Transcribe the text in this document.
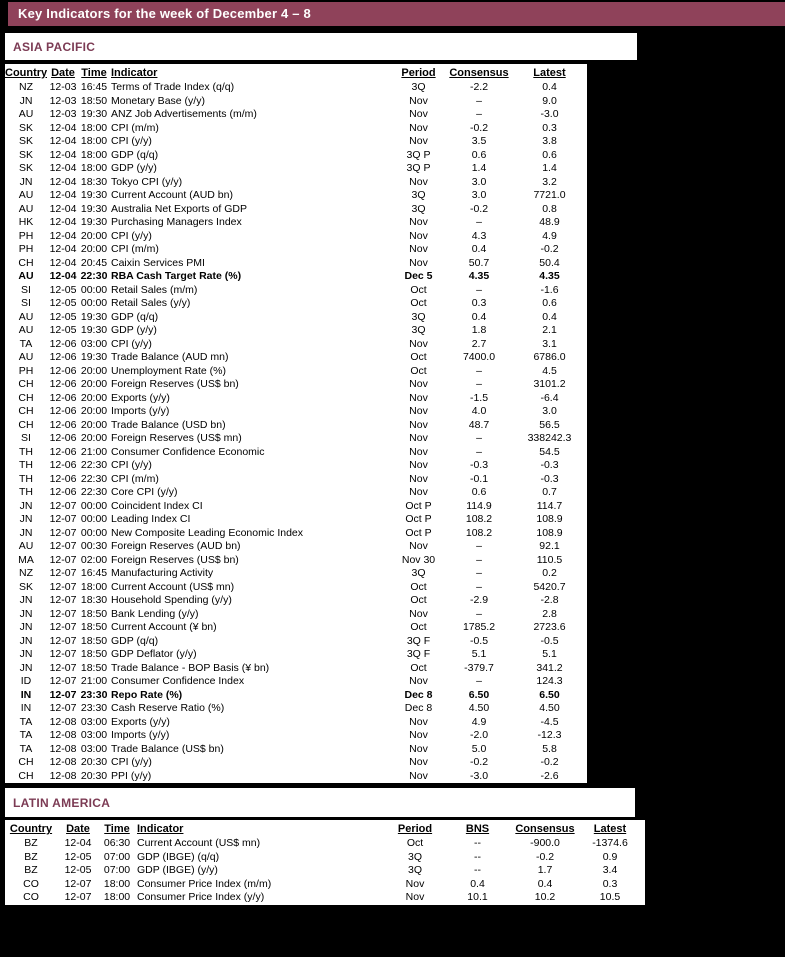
Key Indicators for the week of December 4 – 8
ASIA PACIFIC
Country	Date	Time	Indicator	Period	Consensus	Latest
NZ	12-03	16:45	Terms of Trade Index (q/q)	3Q	-2.2	0.4
JN	12-03	18:50	Monetary Base (y/y)	Nov	–	9.0
AU	12-03	19:30	ANZ Job Advertisements (m/m)	Nov	–	-3.0
SK	12-04	18:00	CPI (m/m)	Nov	-0.2	0.3
SK	12-04	18:00	CPI (y/y)	Nov	3.5	3.8
SK	12-04	18:00	GDP (q/q)	3Q P	0.6	0.6
SK	12-04	18:00	GDP (y/y)	3Q P	1.4	1.4
JN	12-04	18:30	Tokyo CPI (y/y)	Nov	3.0	3.2
AU	12-04	19:30	Current Account (AUD bn)	3Q	3.0	7721.0
AU	12-04	19:30	Australia Net Exports of GDP	3Q	-0.2	0.8
HK	12-04	19:30	Purchasing Managers Index	Nov	–	48.9
PH	12-04	20:00	CPI (y/y)	Nov	4.3	4.9
PH	12-04	20:00	CPI (m/m)	Nov	0.4	-0.2
CH	12-04	20:45	Caixin Services PMI	Nov	50.7	50.4
AU	12-04	22:30	RBA Cash Target Rate (%)	Dec 5	4.35	4.35
SI	12-05	00:00	Retail Sales (m/m)	Oct	–	-1.6
SI	12-05	00:00	Retail Sales (y/y)	Oct	0.3	0.6
AU	12-05	19:30	GDP (q/q)	3Q	0.4	0.4
AU	12-05	19:30	GDP (y/y)	3Q	1.8	2.1
TA	12-06	03:00	CPI (y/y)	Nov	2.7	3.1
AU	12-06	19:30	Trade Balance (AUD mn)	Oct	7400.0	6786.0
PH	12-06	20:00	Unemployment Rate (%)	Oct	–	4.5
CH	12-06	20:00	Foreign Reserves (US$ bn)	Nov	–	3101.2
CH	12-06	20:00	Exports (y/y)	Nov	-1.5	-6.4
CH	12-06	20:00	Imports (y/y)	Nov	4.0	3.0
CH	12-06	20:00	Trade Balance (USD bn)	Nov	48.7	56.5
SI	12-06	20:00	Foreign Reserves (US$ mn)	Nov	–	338242.3
TH	12-06	21:00	Consumer Confidence Economic	Nov	–	54.5
TH	12-06	22:30	CPI (y/y)	Nov	-0.3	-0.3
TH	12-06	22:30	CPI (m/m)	Nov	-0.1	-0.3
TH	12-06	22:30	Core CPI (y/y)	Nov	0.6	0.7
JN	12-07	00:00	Coincident Index CI	Oct P	114.9	114.7
JN	12-07	00:00	Leading Index CI	Oct P	108.2	108.9
JN	12-07	00:00	New Composite Leading Economic Index	Oct P	108.2	108.9
AU	12-07	00:30	Foreign Reserves (AUD bn)	Nov	–	92.1
MA	12-07	02:00	Foreign Reserves (US$ bn)	Nov 30	–	110.5
NZ	12-07	16:45	Manufacturing Activity	3Q	–	0.2
SK	12-07	18:00	Current Account (US$ mn)	Oct	–	5420.7
JN	12-07	18:30	Household Spending (y/y)	Oct	-2.9	-2.8
JN	12-07	18:50	Bank Lending (y/y)	Nov	–	2.8
JN	12-07	18:50	Current Account (¥ bn)	Oct	1785.2	2723.6
JN	12-07	18:50	GDP (q/q)	3Q F	-0.5	-0.5
JN	12-07	18:50	GDP Deflator (y/y)	3Q F	5.1	5.1
JN	12-07	18:50	Trade Balance - BOP Basis (¥ bn)	Oct	-379.7	341.2
ID	12-07	21:00	Consumer Confidence Index	Nov	–	124.3
IN	12-07	23:30	Repo Rate (%)	Dec 8	6.50	6.50
IN	12-07	23:30	Cash Reserve Ratio (%)	Dec 8	4.50	4.50
TA	12-08	03:00	Exports (y/y)	Nov	4.9	-4.5
TA	12-08	03:00	Imports (y/y)	Nov	-2.0	-12.3
TA	12-08	03:00	Trade Balance (US$ bn)	Nov	5.0	5.8
CH	12-08	20:30	CPI (y/y)	Nov	-0.2	-0.2
CH	12-08	20:30	PPI (y/y)	Nov	-3.0	-2.6
LATIN AMERICA
Country	Date	Time	Indicator	Period	BNS	Consensus	Latest
BZ	12-04	06:30	Current Account (US$ mn)	Oct	--	-900.0	-1374.6
BZ	12-05	07:00	GDP (IBGE) (q/q)	3Q	--	-0.2	0.9
BZ	12-05	07:00	GDP (IBGE) (y/y)	3Q	--	1.7	3.4
CO	12-07	18:00	Consumer Price Index (m/m)	Nov	0.4	0.4	0.3
CO	12-07	18:00	Consumer Price Index (y/y)	Nov	10.1	10.2	10.5
